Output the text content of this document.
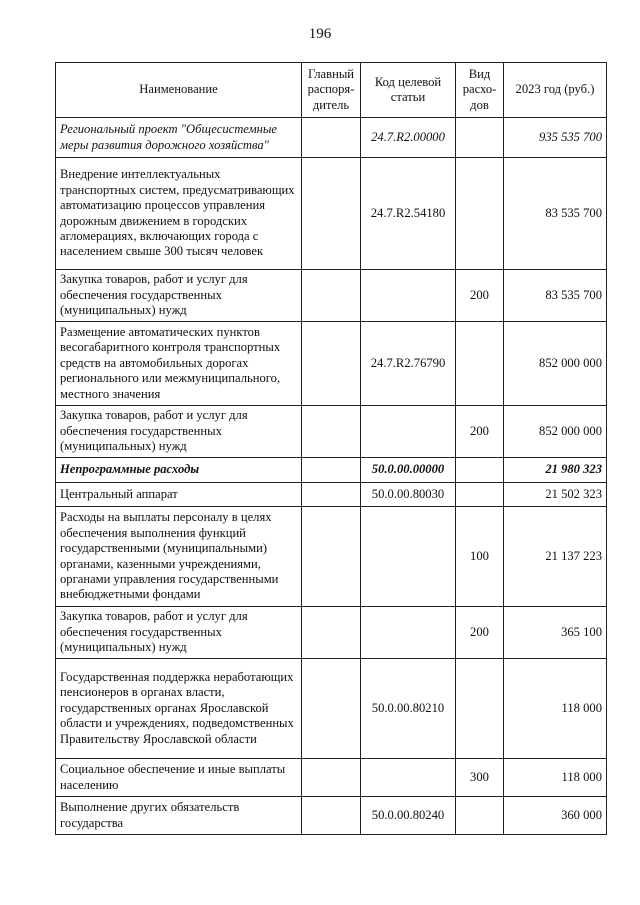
196
Наименование	Главный распоря-дитель	Код целевой статьи	Вид расхо-дов	2023 год (руб.)
Региональный проект "Общесистемные меры развития дорожного хозяйства"		24.7.R2.00000		935 535 700
Внедрение интеллектуальных транспортных систем, предусматривающих автоматизацию процессов управления дорожным движением в городских агломерациях, включающих города с населением свыше 300 тысяч человек		24.7.R2.54180		83 535 700
Закупка товаров, работ и услуг для обеспечения государственных (муниципальных) нужд			200	83 535 700
Размещение автоматических пунктов весогабаритного контроля транспортных средств на автомобильных дорогах регионального или межмуниципального, местного значения		24.7.R2.76790		852 000 000
Закупка товаров, работ и услуг для обеспечения государственных (муниципальных) нужд			200	852 000 000
Непрограммные расходы		50.0.00.00000		21 980 323
Центральный аппарат		50.0.00.80030		21 502 323
Расходы на выплаты персоналу в целях обеспечения выполнения функций государственными (муниципальными) органами, казенными учреждениями, органами управления государственными внебюджетными фондами			100	21 137 223
Закупка товаров, работ и услуг для обеспечения государственных (муниципальных) нужд			200	365 100
Государственная поддержка неработающих пенсионеров в органах власти, государственных органах Ярославской области и учреждениях, подведомственных Правительству Ярославской области		50.0.00.80210		118 000
Социальное обеспечение и иные выплаты населению			300	118 000
Выполнение других обязательств государства		50.0.00.80240		360 000
